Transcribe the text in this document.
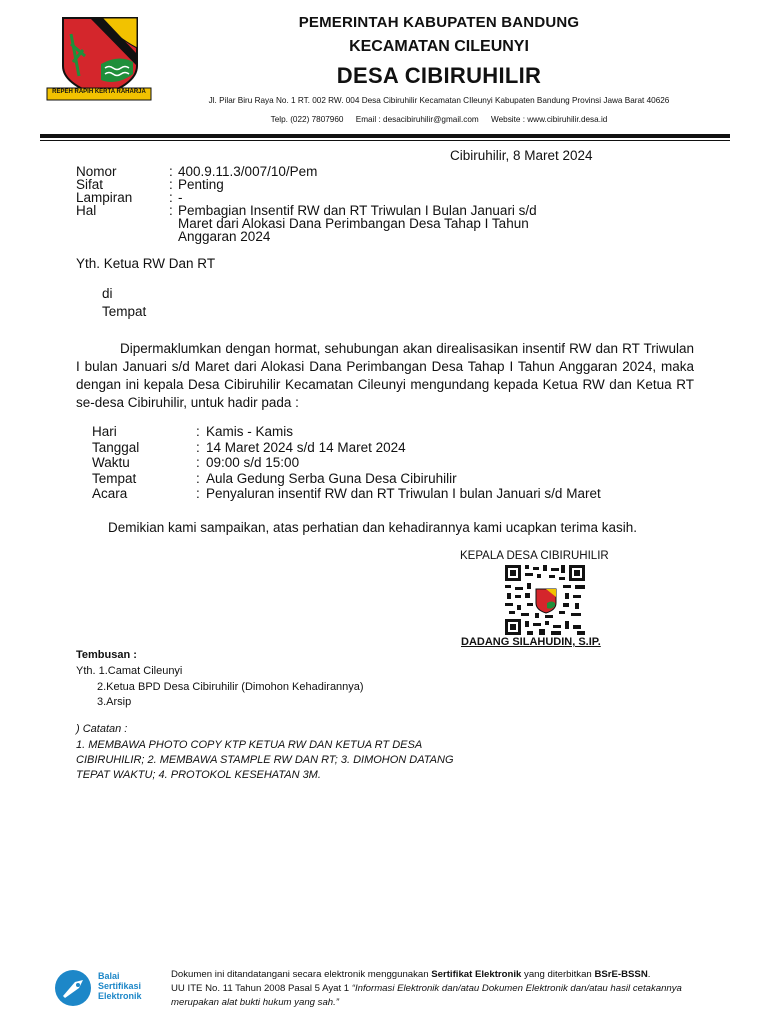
REPEH RAPIH KERTA RAHARJA
PEMERINTAH KABUPATEN BANDUNG
KECAMATAN CILEUNYI
DESA CIBIRUHILIR
Jl. Pilar Biru Raya No. 1 RT. 002 RW. 004 Desa Cibiruhilir Kecamatan CIleunyi Kabupaten Bandung Provinsi Jawa Barat 40626
Telp. (022) 7807960 Email : desacibiruhilir@gmail.com Website : www.cibiruhilir.desa.id
Cibiruhilir, 8 Maret 2024
Nomor	: 400.9.11.3/007/10/Pem
Sifat	: Penting
Lampiran	: -
Hal	: Pembagian Insentif RW dan RT Triwulan I Bulan Januari s/d
Maret dari Alokasi Dana Perimbangan Desa Tahap I Tahun
Anggaran 2024
Yth. Ketua RW Dan RT
di
Tempat
Dipermaklumkan dengan hormat, sehubungan akan direalisasikan insentif RW dan RT Triwulan I bulan Januari s/d Maret dari Alokasi Dana Perimbangan Desa Tahap I Tahun Anggaran 2024, maka dengan ini kepala Desa Cibiruhilir Kecamatan Cileunyi mengundang kepada Ketua RW dan Ketua RT se-desa Cibiruhilir, untuk hadir pada :
Hari	: Kamis - Kamis
Tanggal	: 14 Maret 2024 s/d 14 Maret 2024
Waktu	: 09:00 s/d 15:00
Tempat	: Aula Gedung Serba Guna Desa Cibiruhilir
Acara	: Penyaluran insentif RW dan RT Triwulan I bulan Januari s/d Maret
Demikian kami sampaikan, atas perhatian dan kehadirannya kami ucapkan terima kasih.
KEPALA DESA CIBIRUHILIR
DADANG SILAHUDIN, S.IP.
Tembusan :
Yth. 1.Camat Cileunyi
2.Ketua BPD Desa Cibiruhilir (Dimohon Kehadirannya)
3.Arsip
) Catatan :
1. MEMBAWA PHOTO COPY KTP KETUA RW DAN KETUA RT DESA CIBIRUHILIR; 2. MEMBAWA STAMPLE RW DAN RT; 3. DIMOHON DATANG TEPAT WAKTU; 4. PROTOKOL KESEHATAN 3M.
Balai
Sertifikasi
Elektronik
Dokumen ini ditandatangani secara elektronik menggunakan Sertifikat Elektronik yang diterbitkan BSrE-BSSN.
UU ITE No. 11 Tahun 2008 Pasal 5 Ayat 1 “Informasi Elektronik dan/atau Dokumen Elektronik dan/atau hasil cetakannya merupakan alat bukti hukum yang sah.”
